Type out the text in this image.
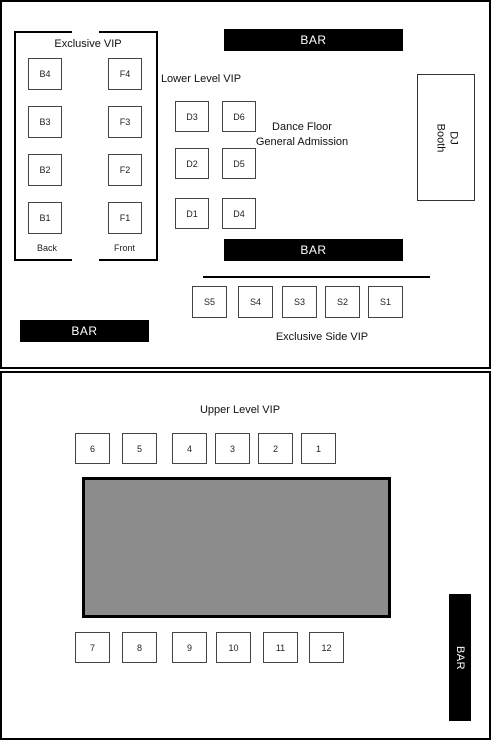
Exclusive VIP
B4
B3
B2
B1
Back
F4
F3
F2
F1
Front
BAR
Lower Level VIP
D3
D2
D1
D6
D5
D4
Dance Floor
General Admission	DJ
Booth
BAR
S5	S4	S3	S2	S1
Exclusive Side VIP
BAR
Upper Level VIP
6	5	4	3	2	1
7	8	9	10	11	12	BAR
